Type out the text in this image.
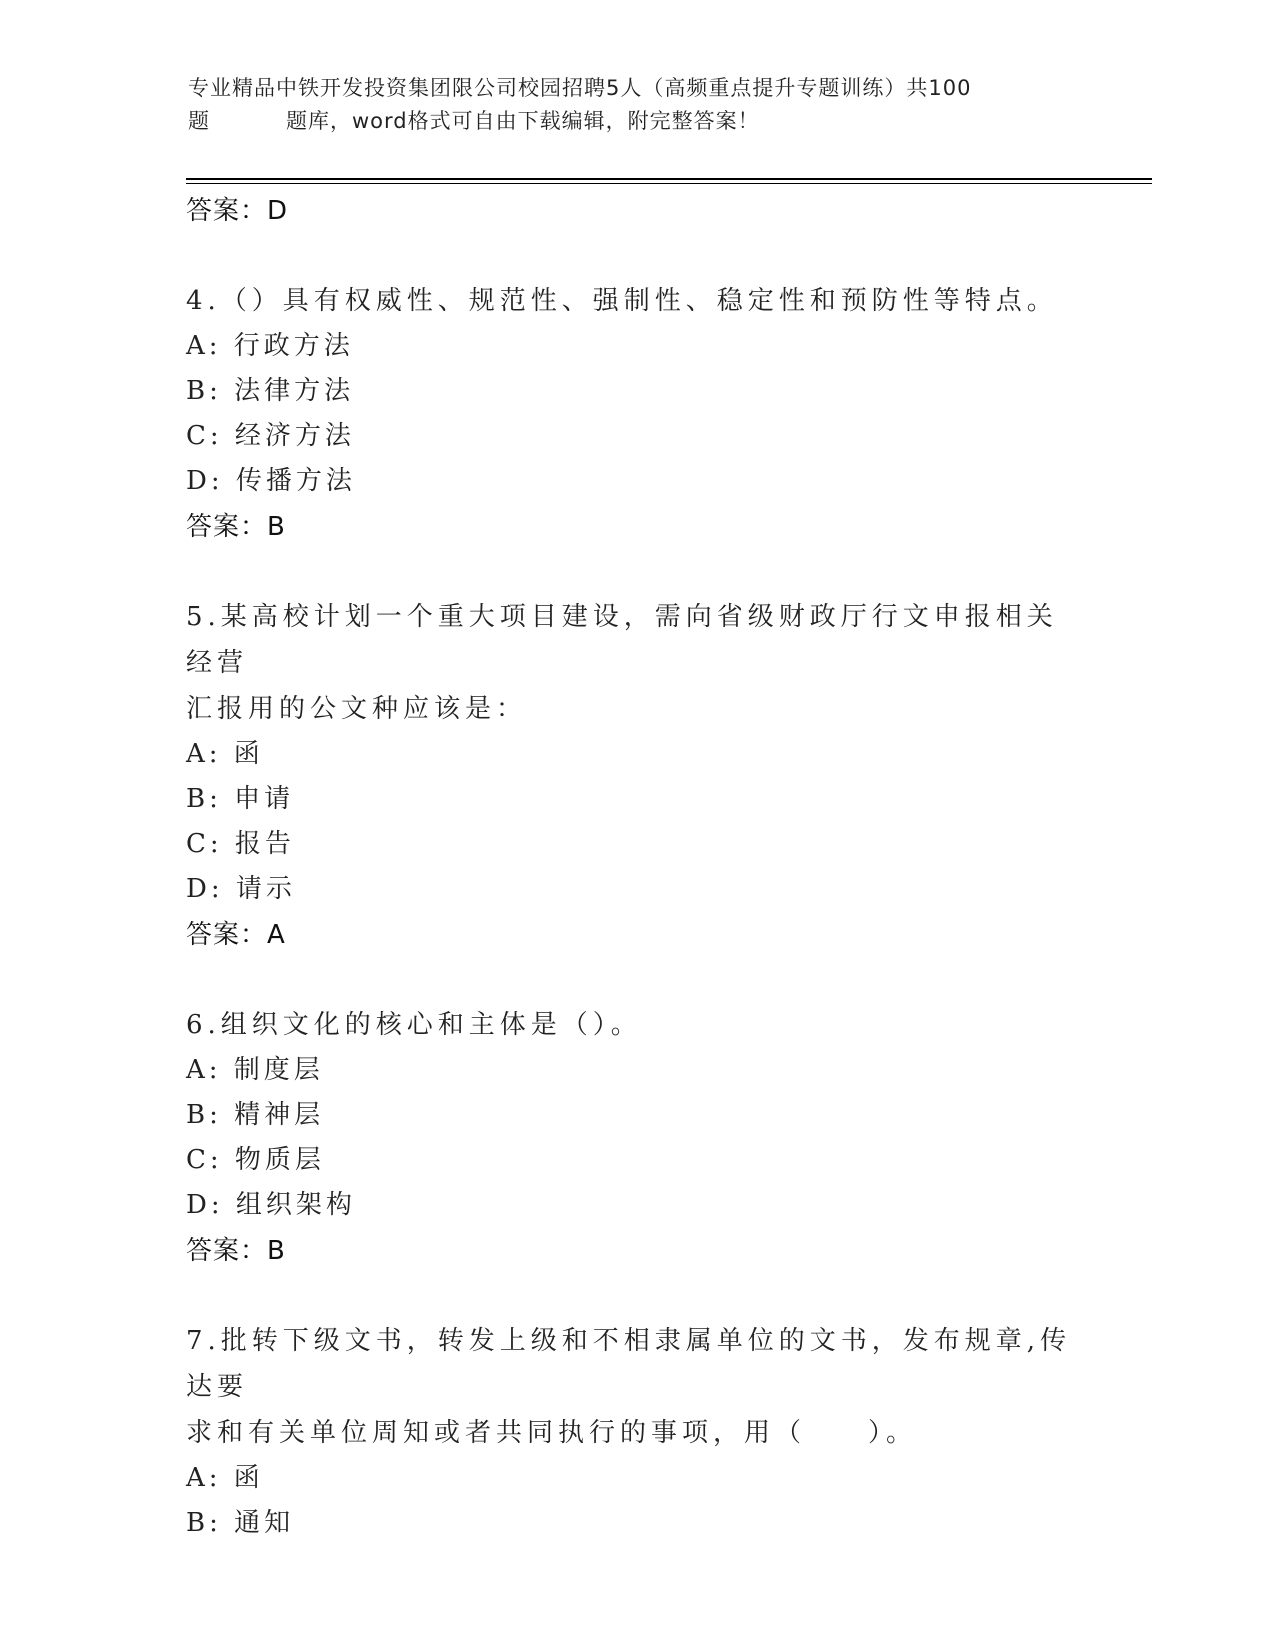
专业精品中铁开发投资集团限公司校园招聘5人（高频重点提升专题训练）共100
题	题库，word格式可自由下载编辑，附完整答案！
答案：D
4.（）具有权威性、规范性、强制性、稳定性和预防性等特点。
A: 行政方法
B: 法律方法
C: 经济方法
D: 传播方法
答案：B
5.某高校计划一个重大项目建设，需向省级财政厅行文申报相关经营
汇报用的公文种应该是：
A: 函
B: 申请
C: 报告
D: 请示
答案：A
6.组织文化的核心和主体是（）。
A: 制度层
B: 精神层
C: 物质层
D: 组织架构
答案：B
7.批转下级文书，转发上级和不相隶属单位的文书，发布规章,传达要
求和有关单位周知或者共同执行的事项，用（　　）。
A: 函
B: 通知
